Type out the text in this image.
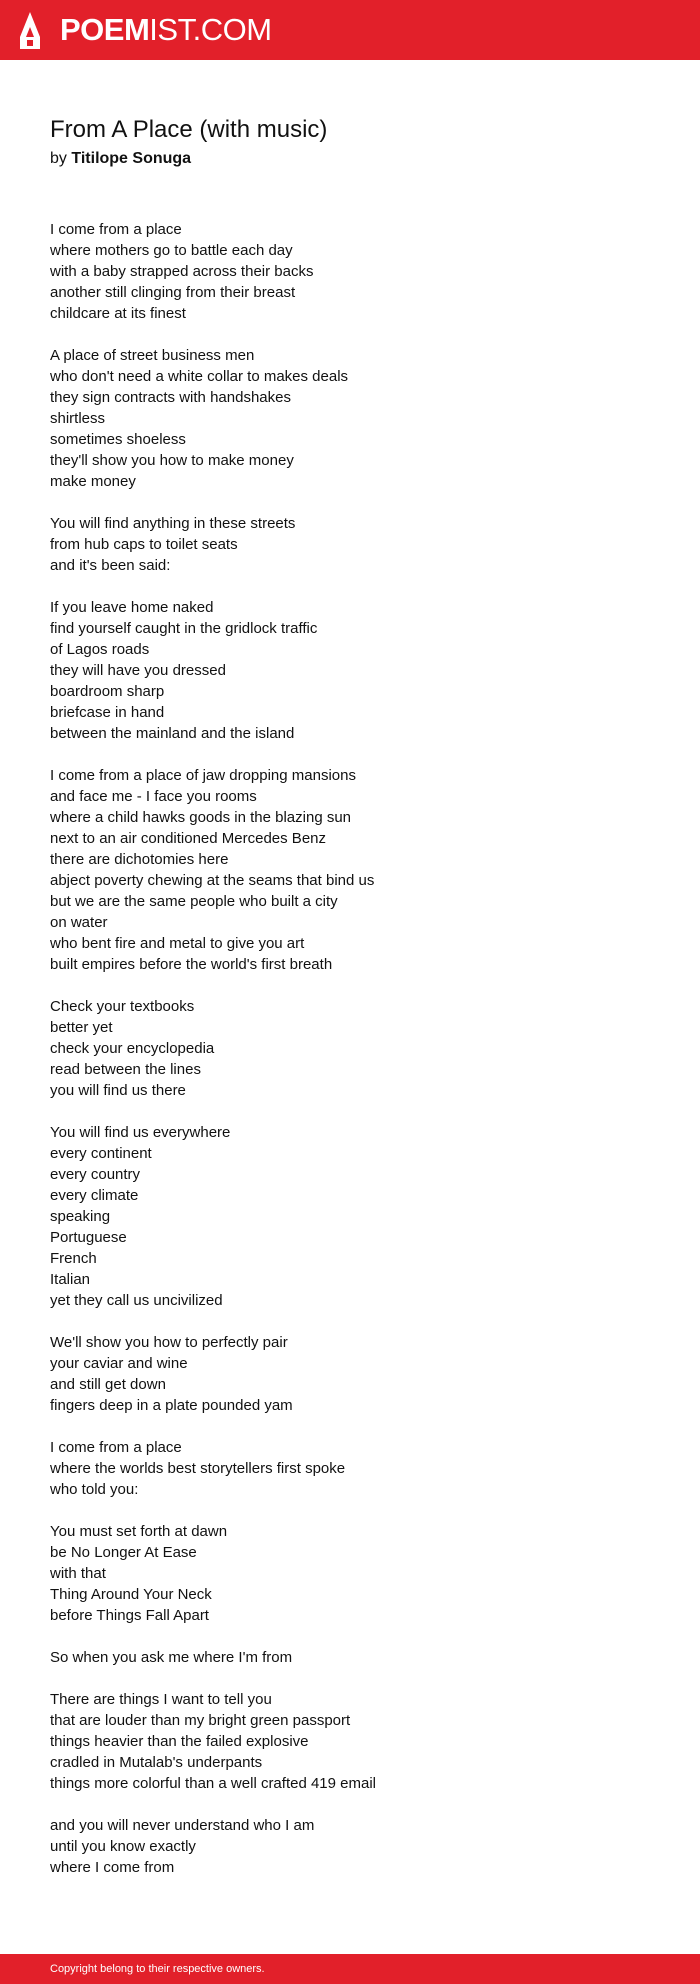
POEM IST.COM
From A Place (with music)
by Titilope Sonuga
I come from a place
where mothers go to battle each day
with a baby strapped across their backs
another still clinging from their breast
childcare at its finest
A place of street business men
who don't need a white collar to makes deals
they sign contracts with handshakes
shirtless
sometimes shoeless
they'll show you how to make money
make money
You will find anything in these streets
from hub caps to toilet seats
and it's been said:
If you leave home naked
find yourself caught in the gridlock traffic
of Lagos roads
they will have you dressed
boardroom sharp
briefcase in hand
between the mainland and the island
I come from a place of jaw dropping mansions
and face me - I face you rooms
where a child hawks goods in the blazing sun
next to an air conditioned Mercedes Benz
there are dichotomies here
abject poverty chewing at the seams that bind us
but we are the same people who built a city
on water
who bent fire and metal to give you art
built empires before the world's first breath
Check your textbooks
better yet
check your encyclopedia
read between the lines
you will find us there
You will find us everywhere
every continent
every country
every climate
speaking
Portuguese
French
Italian
yet they call us uncivilized
We'll show you how to perfectly pair
your caviar and wine
and still get down
fingers deep in a plate pounded yam
I come from a place
where the worlds best storytellers first spoke
who told you:
You must set forth at dawn
be No Longer At Ease
with that
Thing Around Your Neck
before Things Fall Apart
So when you ask me where I'm from
There are things I want to tell you
that are louder than my bright green passport
things heavier than the failed explosive
cradled in Mutalab's underpants
things more colorful than a well crafted 419 email
and you will never understand who I am
until you know exactly
where I come from
Copyright belong to their respective owners.
